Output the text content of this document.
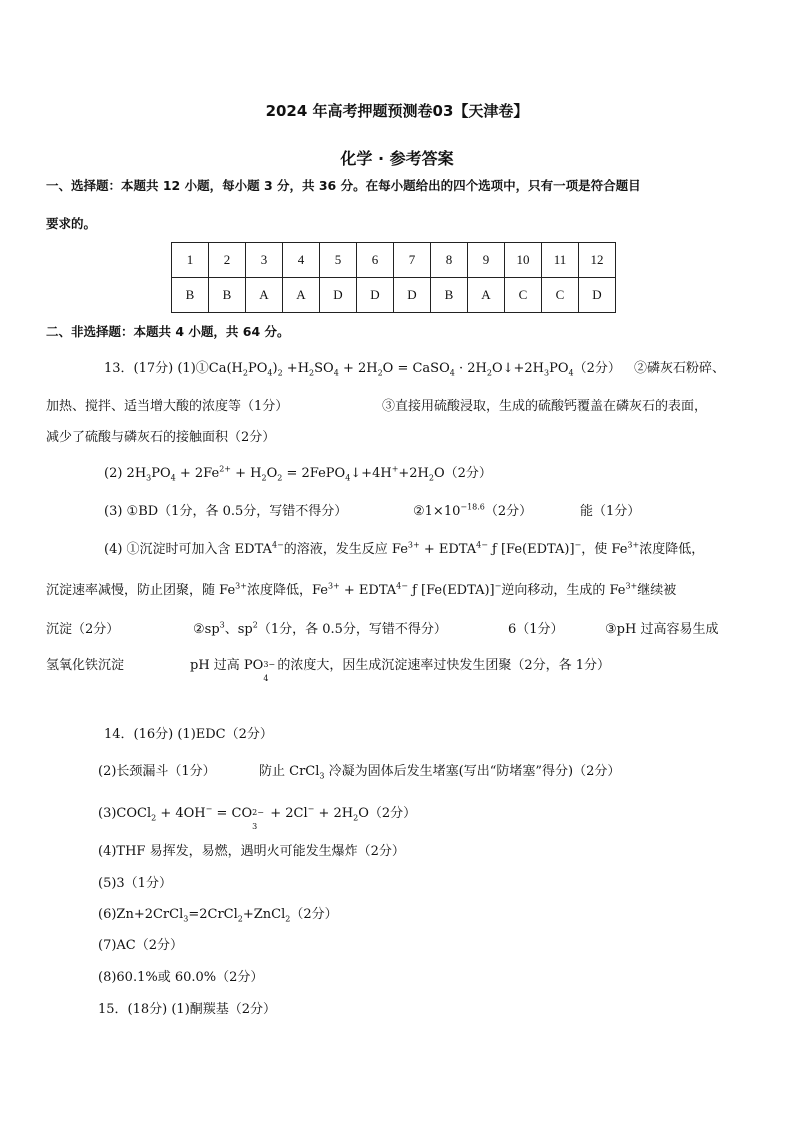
2024 年高考押题预测卷03【天津卷】
化学 · 参考答案
一、选择题：本题共 12 小题，每小题 3 分，共 36 分。在每小题给出的四个选项中，只有一项是符合题目
要求的。
1	2	3	4	5	6	7	8	9	10	11	12
B	B	A	A	D	D	D	B	A	C	C	D
二、非选择题：本题共 4 小题，共 64 分。
13．(17分) $(1)①Ca(H_2PO_4)_2 +H_2SO_4 + 2H_2O$ = CaSO$_4$ · $2H_2O↓+2H_3PO_4(2$分） ②磷灰石粉碎、
加热、搅拌、适当增大酸的浓度等（1分）	③直接用硫酸浸取，生成的硫酸钙覆盖在磷灰石的表面，
减少了硫酸与磷灰石的接触面积（2分）
(2) $2H_3PO_4 + 2Fe^{2+} + H_2O_2$ = $2FePO_4↓+4H^++2H_2O(2$分）
(3) ①BD（1分，各 0.5分，写错不得分）	$②1\times 10^{-18.6}(2$分）	能（1分）
(4) ①沉淀时可加入含 $EDTA^{4-}$的溶液，发生反应 $Fe^{3+}$ + $EDTA^{4-}$ ƒ [Fe(EDTA)]−，使 $Fe^{3+}$浓度降低，
沉淀速率减慢，防止团聚，随 $Fe^{3+}$浓度降低，$Fe^{3+}$ + $EDTA^{4-}$ ƒ [Fe(EDTA)]−逆向移动，生成的 $Fe^{3+}$继续被
沉淀（2分）	$②sp^3$、$sp^2(1$分，各 0.5分，写错不得分）	6（1分）	③pH 过高容易生成
氢氧化铁沉淀	pH 过高 PO 3−
4
的浓度大，因生成沉淀速率过快发生团聚（2分，各 1分）
14．(16分) (1)EDC（2分）
(2)长颈漏斗（1分）	防止 CrCl$_3$ 冷凝为固体后发生堵塞(写出“防堵塞”得分)（2分）
(3)COCl$_2$ + 4OH− = CO 2−
3
+ $2Cl^- + 2H_2O(2$分）
(4)THF 易挥发，易燃，遇明火可能发生爆炸（2分）
(5)3（1分）
(6)Zn+2CrCl$_3$=2CrCl$_2$+ZnCl$_2$（2分）
(7)AC（2分）
(8)60.1%或 60.0%（2分）
15．(18分) (1)酮羰基（2分）
